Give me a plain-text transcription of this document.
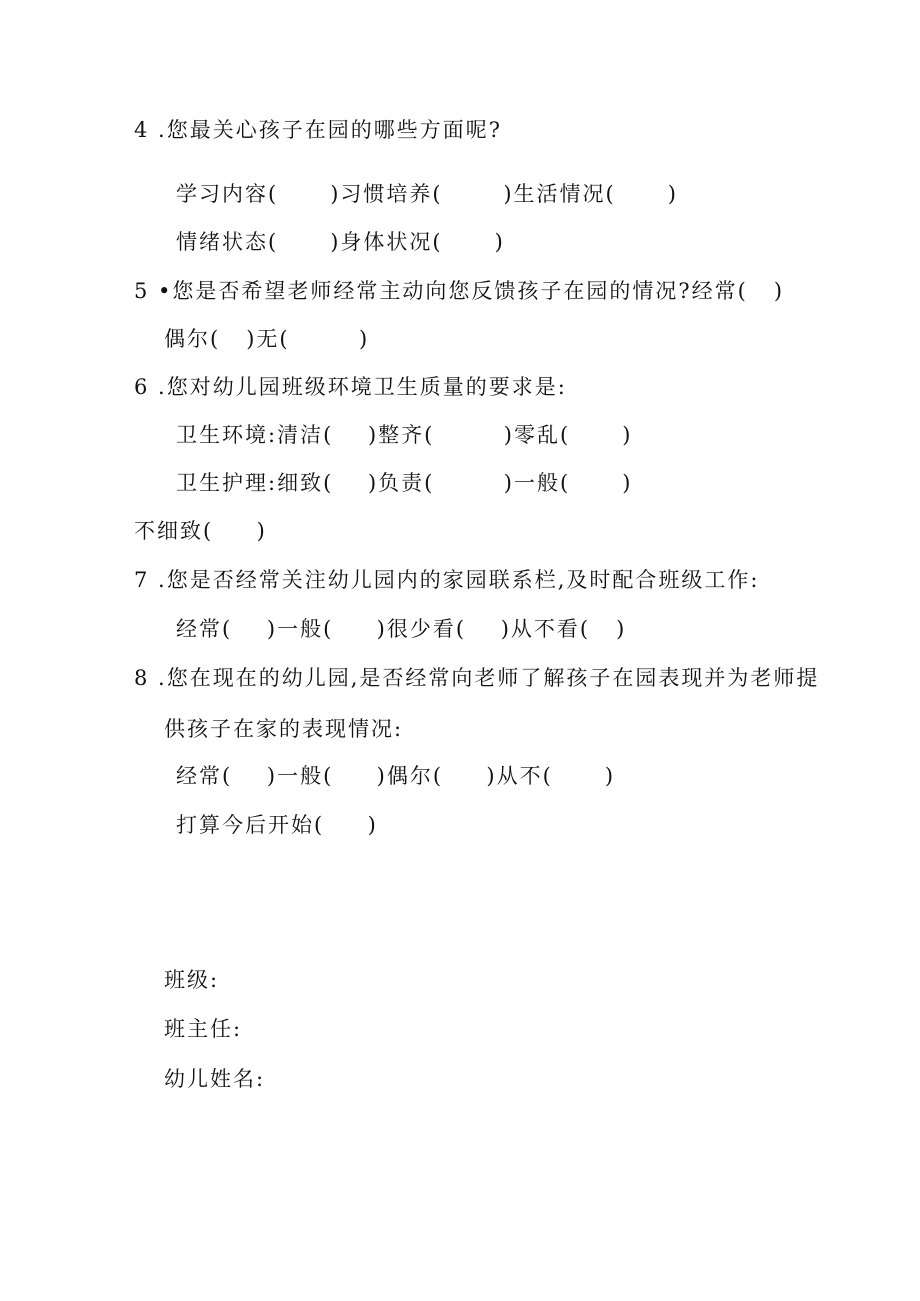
4 .您最关心孩子在园的哪些方面呢?
学习内容(      )习惯培养(       )生活情况(      )
情绪状态(      )身体状况(      )
5 •您是否希望老师经常主动向您反馈孩子在园的情况?经常(   )
偶尔(   )无(        )
6 .您对幼儿园班级环境卫生质量的要求是:
卫生环境:清洁(    )整齐(        )零乱(      )
卫生护理:细致(    )负责(        )一般(      )
不细致(     )
7 .您是否经常关注幼儿园内的家园联系栏,及时配合班级工作:
经常(    )一般(     )很少看(    )从不看(   )
8 .您在现在的幼儿园,是否经常向老师了解孩子在园表现并为老师提
供孩子在家的表现情况:
经常(    )一般(     )偶尔(     )从不(      )
打算今后开始(     )
班级:
班主任:
幼儿姓名:
